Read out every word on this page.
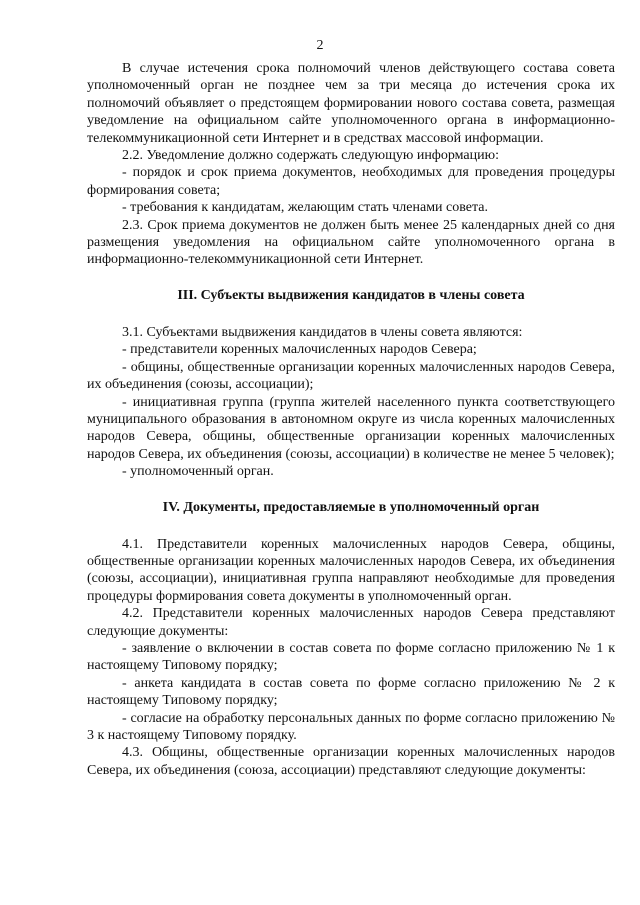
2

В случае истечения срока полномочий членов действующего состава совета уполномоченный орган не позднее чем за три месяца до истечения срока их полномочий объявляет о предстоящем формировании нового состава совета, размещая уведомление на официальном сайте уполномоченного органа в информационно-телекоммуникационной сети Интернет и в средствах массовой информации.

2.2. Уведомление должно содержать следующую информацию:

- порядок и срок приема документов, необходимых для проведения процедуры формирования совета;

- требования к кандидатам, желающим стать членами совета.

2.3. Срок приема документов не должен быть менее 25 календарных дней со дня размещения уведомления на официальном сайте уполномоченного органа в информационно-телекоммуникационной сети Интернет.

III. Субъекты выдвижения кандидатов в члены совета

3.1. Субъектами выдвижения кандидатов в члены совета являются:

- представители коренных малочисленных народов Севера;

- общины, общественные организации коренных малочисленных народов Севера, их объединения (союзы, ассоциации);

- инициативная группа (группа жителей населенного пункта соответствующего муниципального образования в автономном округе из числа коренных малочисленных народов Севера, общины, общественные организации коренных малочисленных народов Севера, их объединения (союзы, ассоциации) в количестве не менее 5 человек);

- уполномоченный орган.

IV. Документы, предоставляемые в уполномоченный орган

4.1. Представители коренных малочисленных народов Севера, общины, общественные организации коренных малочисленных народов Севера, их объединения (союзы, ассоциации), инициативная группа направляют необходимые для проведения процедуры формирования совета документы в уполномоченный орган.

4.2. Представители коренных малочисленных народов Севера представляют следующие документы:

- заявление о включении в состав совета по форме согласно приложению № 1 к настоящему Типовому порядку;

- анкета кандидата в состав совета по форме согласно приложению № 2 к настоящему Типовому порядку;

- согласие на обработку персональных данных по форме согласно приложению № 3 к настоящему Типовому порядку.

4.3. Общины, общественные организации коренных малочисленных народов Севера, их объединения (союза, ассоциации) представляют следующие документы:
